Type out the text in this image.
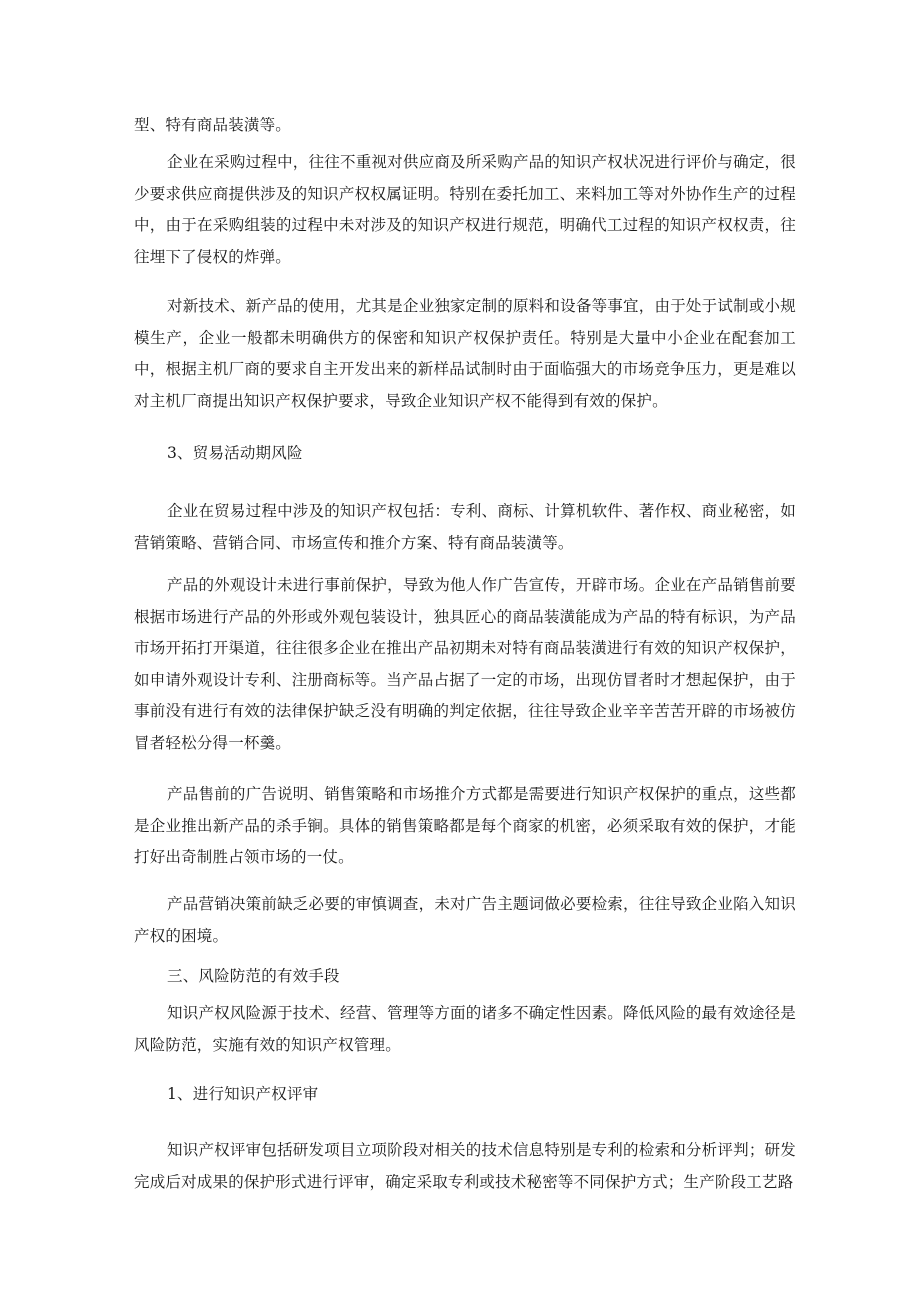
型、特有商品装潢等。

企业在采购过程中，往往不重视对供应商及所采购产品的知识产权状况进行评价与确定，很少要求供应商提供涉及的知识产权权属证明。特别在委托加工、来料加工等对外协作生产的过程中，由于在采购组装的过程中未对涉及的知识产权进行规范，明确代工过程的知识产权权责，往往埋下了侵权的炸弹。

对新技术、新产品的使用，尤其是企业独家定制的原料和设备等事宜，由于处于试制或小规模生产，企业一般都未明确供方的保密和知识产权保护责任。特别是大量中小企业在配套加工中，根据主机厂商的要求自主开发出来的新样品试制时由于面临强大的市场竞争压力，更是难以对主机厂商提出知识产权保护要求，导致企业知识产权不能得到有效的保护。

3、贸易活动期风险

企业在贸易过程中涉及的知识产权包括：专利、商标、计算机软件、著作权、商业秘密，如营销策略、营销合同、市场宣传和推介方案、特有商品装潢等。

产品的外观设计未进行事前保护，导致为他人作广告宣传，开辟市场。企业在产品销售前要根据市场进行产品的外形或外观包装设计，独具匠心的商品装潢能成为产品的特有标识，为产品市场开拓打开渠道，往往很多企业在推出产品初期未对特有商品装潢进行有效的知识产权保护，如申请外观设计专利、注册商标等。当产品占据了一定的市场，出现仿冒者时才想起保护，由于事前没有进行有效的法律保护缺乏没有明确的判定依据，往往导致企业辛辛苦苦开辟的市场被仿冒者轻松分得一杯羹。

产品售前的广告说明、销售策略和市场推介方式都是需要进行知识产权保护的重点，这些都是企业推出新产品的杀手锏。具体的销售策略都是每个商家的机密，必须采取有效的保护，才能打好出奇制胜占领市场的一仗。

产品营销决策前缺乏必要的审慎调查，未对广告主题词做必要检索，往往导致企业陷入知识产权的困境。

三、风险防范的有效手段

知识产权风险源于技术、经营、管理等方面的诸多不确定性因素。降低风险的最有效途径是风险防范，实施有效的知识产权管理。

1、进行知识产权评审

知识产权评审包括研发项目立项阶段对相关的技术信息特别是专利的检索和分析评判；研发完成后对成果的保护形式进行评审，确定采取专利或技术秘密等不同保护方式；生产阶段工艺路
